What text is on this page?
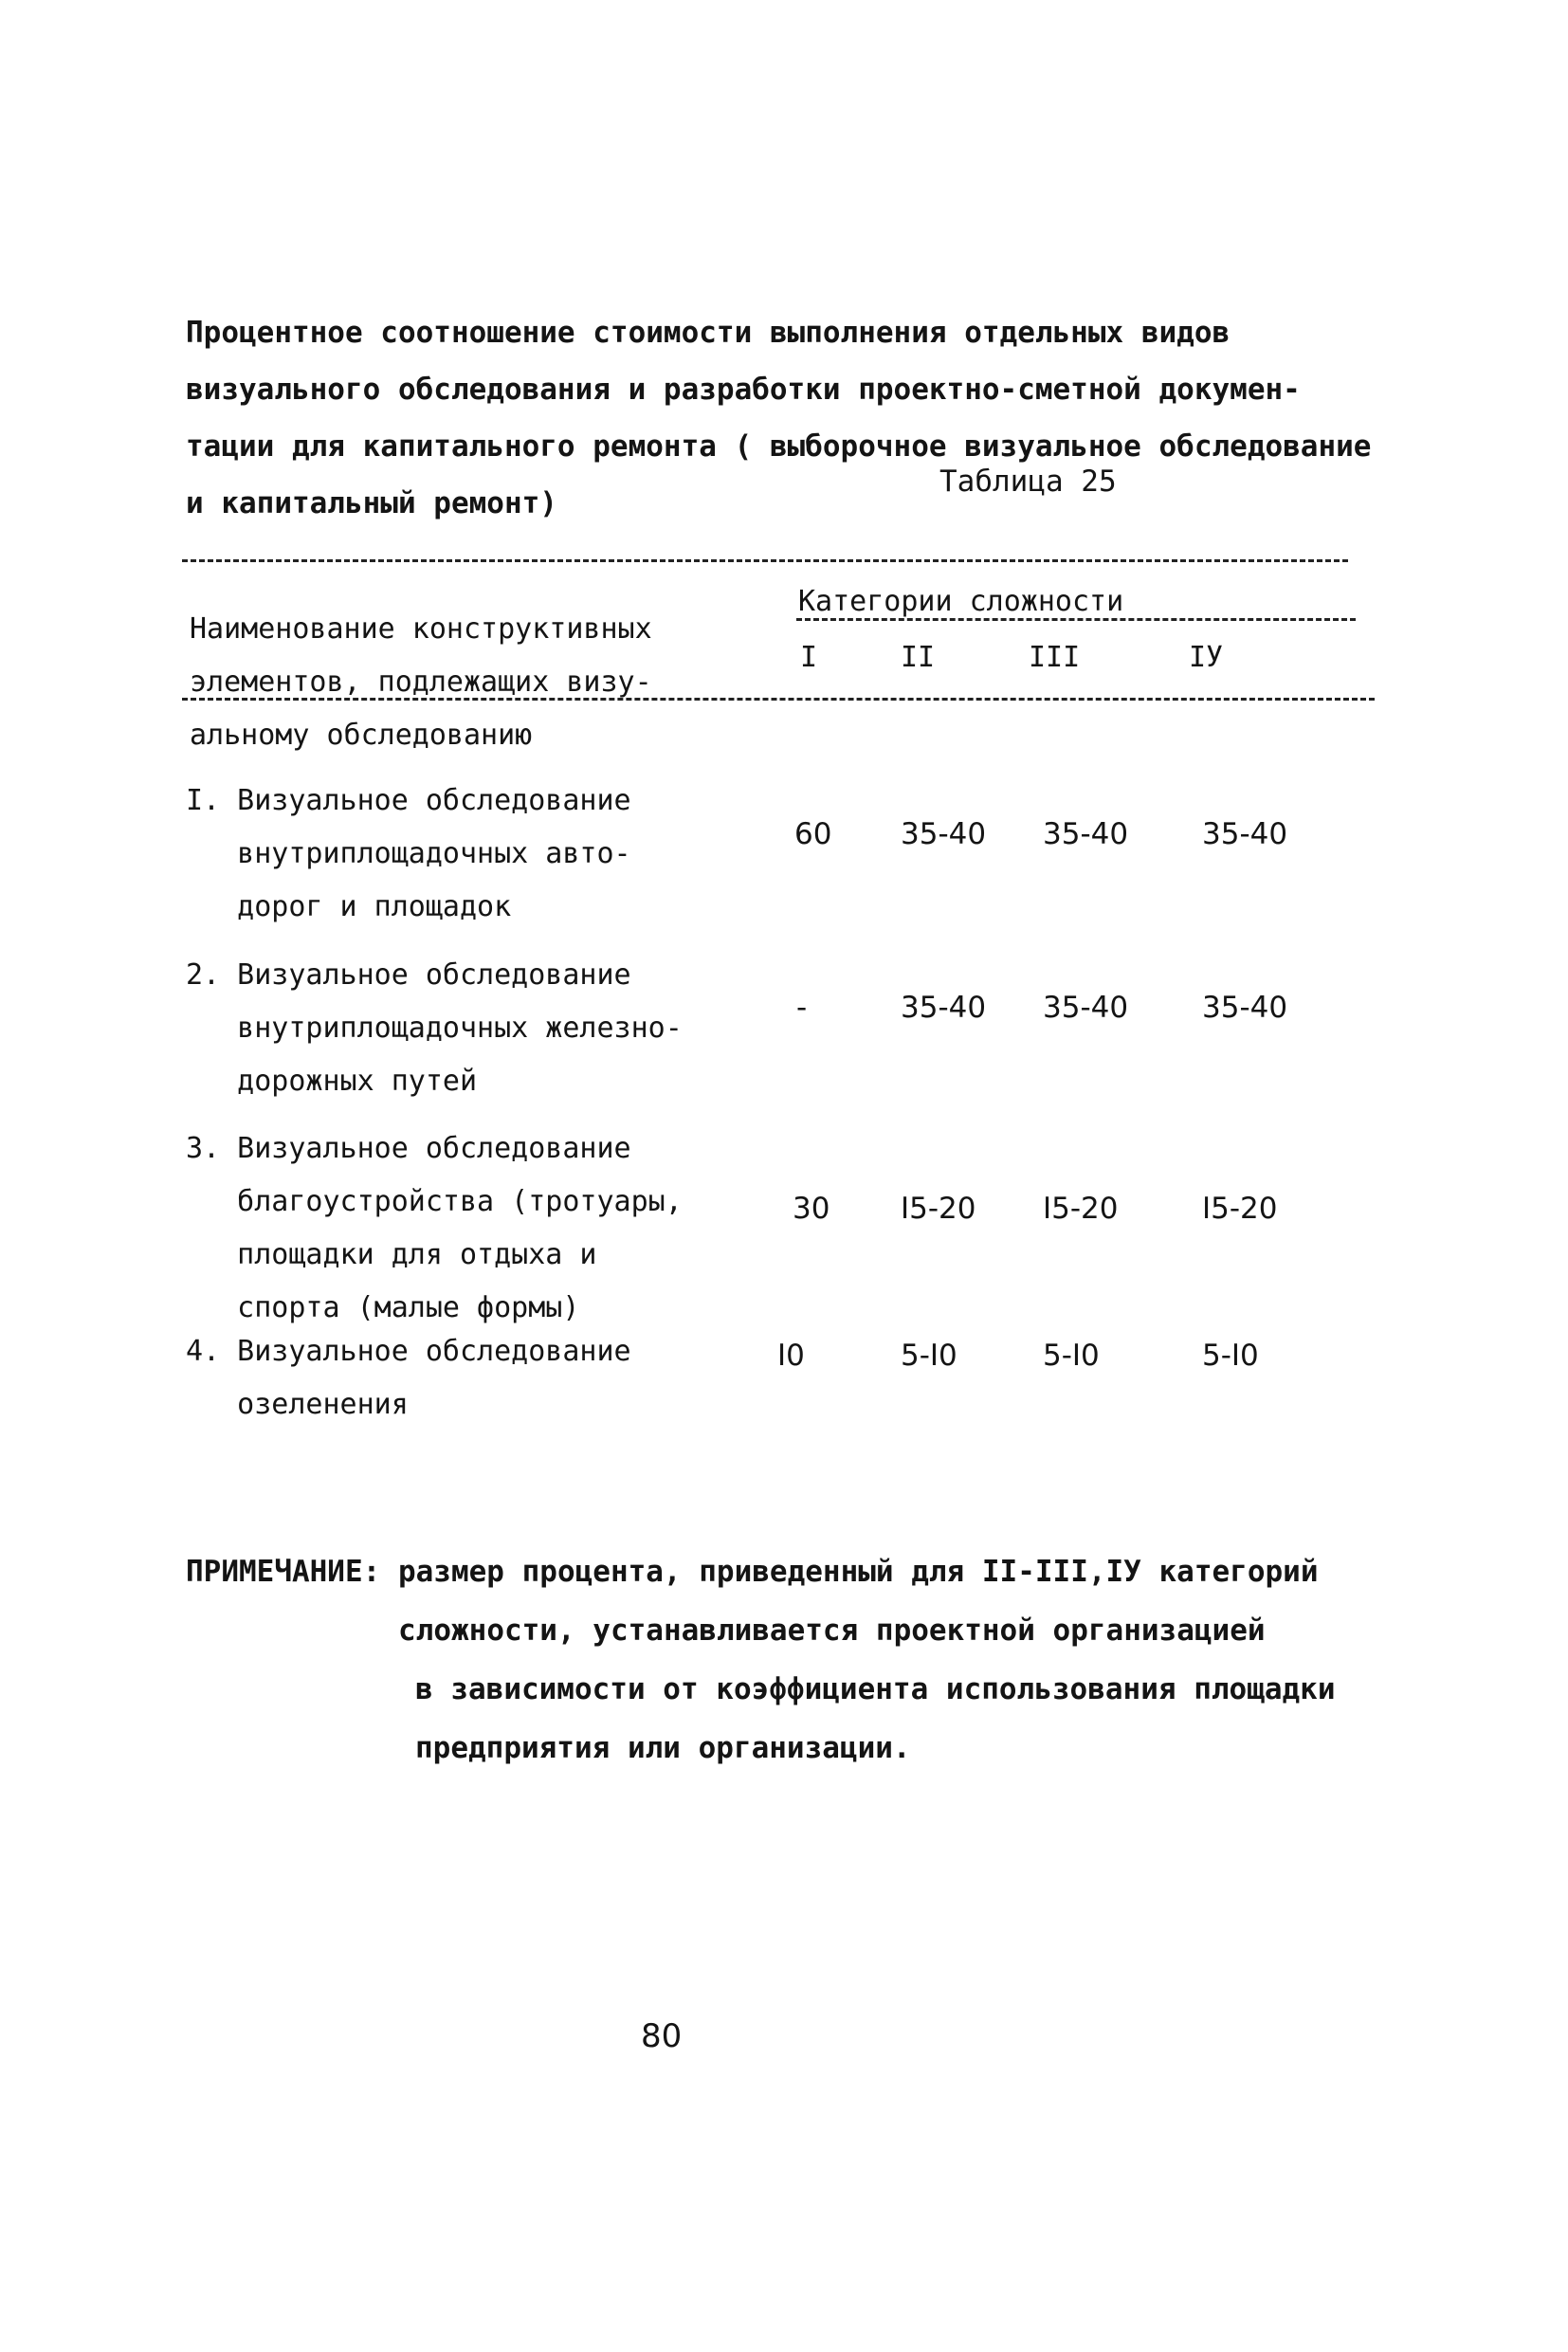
Процентное соотношение стоимости выполнения отдельных видов

визуального обследования и разработки проектно-сметной докумен-

тации для капитального ремонта ( выборочное визуальное обследование

и капитальный ремонт)

Таблица 25

Наименование конструктивных

элементов, подлежащих визу-

альному обследованию

Категории сложности
I	II	III	IУ

I. Визуальное обследование

внутриплощадочных авто-

дорог и площадок

60 35-40 35-40	35-40

2. Визуальное обследование

внутриплощадочных железно-

дорожных путей

-	35-40 35-40	35-40

3. Визуальное обследование

благоустройства (тротуары,

площадки для отдыха и

спорта (малые формы)

30 I5-20 I5-20	I5-20

4. Визуальное обследование

озеленения

I0	5-I0	5-I0	5-I0
ПРИМЕЧАНИЕ: размер процента, приведенный для II-III,IУ категорий
сложности, устанавливается проектной организацией
в зависимости от коэффициента использования площадки
предприятия или организации.
80
